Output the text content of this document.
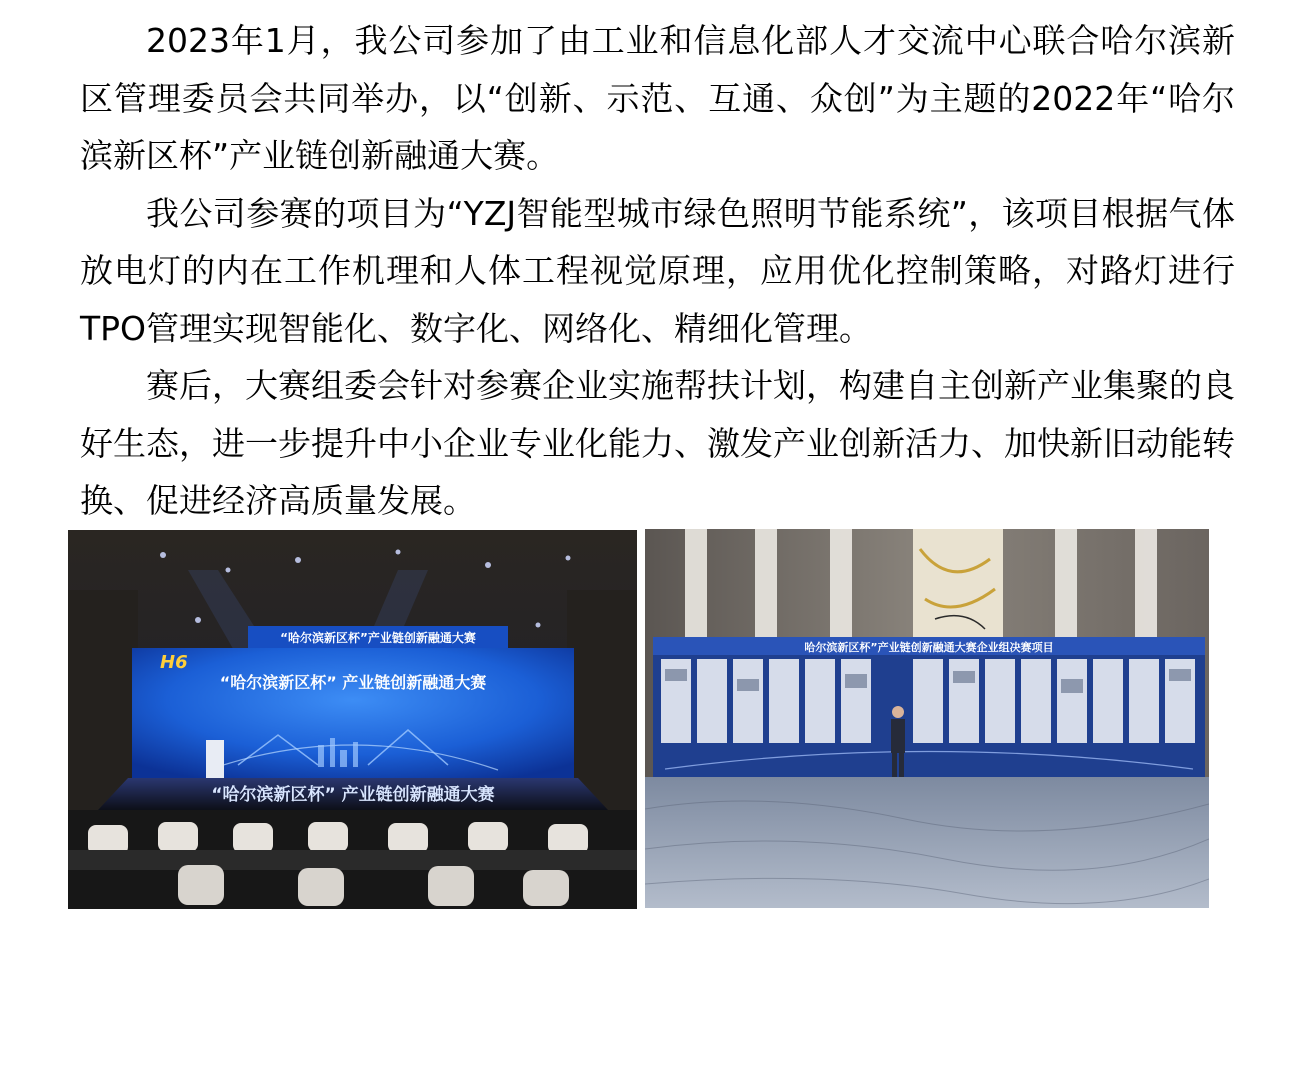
2023年1月，我公司参加了由工业和信息化部人才交流中心联合哈尔滨新区管理委员会共同举办，以“创新、示范、互通、众创”为主题的2022年“哈尔滨新区杯”产业链创新融通大赛。

我公司参赛的项目为“YZJ智能型城市绿色照明节能系统”，该项目根据气体放电灯的内在工作机理和人体工程视觉原理，应用优化控制策略，对路灯进行TPO管理实现智能化、数字化、网络化、精细化管理。

赛后，大赛组委会针对参赛企业实施帮扶计划，构建自主创新产业集聚的良好生态，进一步提升中小企业专业化能力、激发产业创新活力、加快新旧动能转换、促进经济高质量发展。

“哈尔滨新区杯”产业链创新融通大赛
“哈尔滨新区杯” 产业链创新融通大赛
H6
“哈尔滨新区杯” 产业链创新融通大赛
哈尔滨新区杯”产业链创新融通大赛企业组决赛项目
